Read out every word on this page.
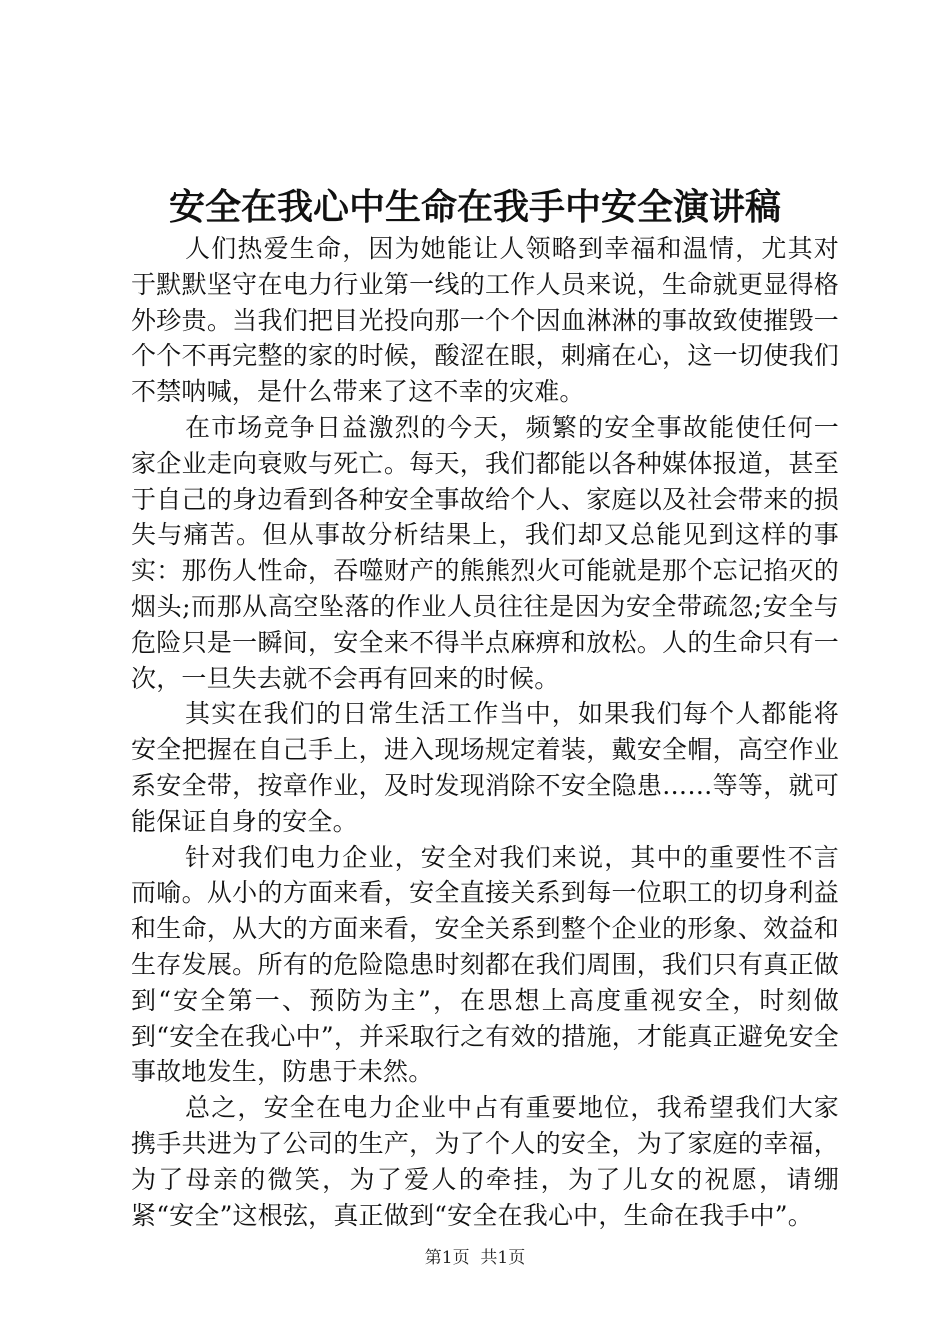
安全在我心中生命在我手中安全演讲稿

人们热爱生命，因为她能让人领略到幸福和温情，尤其对于默默坚守在电力行业第一线的工作人员来说，生命就更显得格外珍贵。当我们把目光投向那一个个因血淋淋的事故致使摧毁一个个不再完整的家的时候，酸涩在眼，刺痛在心，这一切使我们不禁呐喊，是什么带来了这不幸的灾难。

在市场竞争日益激烈的今天，频繁的安全事故能使任何一家企业走向衰败与死亡。每天，我们都能以各种媒体报道，甚至于自己的身边看到各种安全事故给个人、家庭以及社会带来的损失与痛苦。但从事故分析结果上，我们却又总能见到这样的事实：那伤人性命，吞噬财产的熊熊烈火可能就是那个忘记掐灭的烟头;而那从高空坠落的作业人员往往是因为安全带疏忽;安全与危险只是一瞬间，安全来不得半点麻痹和放松。人的生命只有一次，一旦失去就不会再有回来的时候。

其实在我们的日常生活工作当中，如果我们每个人都能将安全把握在自己手上，进入现场规定着装，戴安全帽，高空作业系安全带，按章作业，及时发现消除不安全隐患……等等，就可能保证自身的安全。

针对我们电力企业，安全对我们来说，其中的重要性不言而喻。从小的方面来看，安全直接关系到每一位职工的切身利益和生命，从大的方面来看，安全关系到整个企业的形象、效益和生存发展。所有的危险隐患时刻都在我们周围，我们只有真正做到“安全第一、预防为主”，在思想上高度重视安全，时刻做到“安全在我心中”，并采取行之有效的措施，才能真正避免安全事故地发生，防患于未然。

总之，安全在电力企业中占有重要地位，我希望我们大家携手共进为了公司的生产，为了个人的安全，为了家庭的幸福，为了母亲的微笑，为了爱人的牵挂，为了儿女的祝愿，请绷紧“安全”这根弦，真正做到“安全在我心中，生命在我手中”。

第1页  共1页
